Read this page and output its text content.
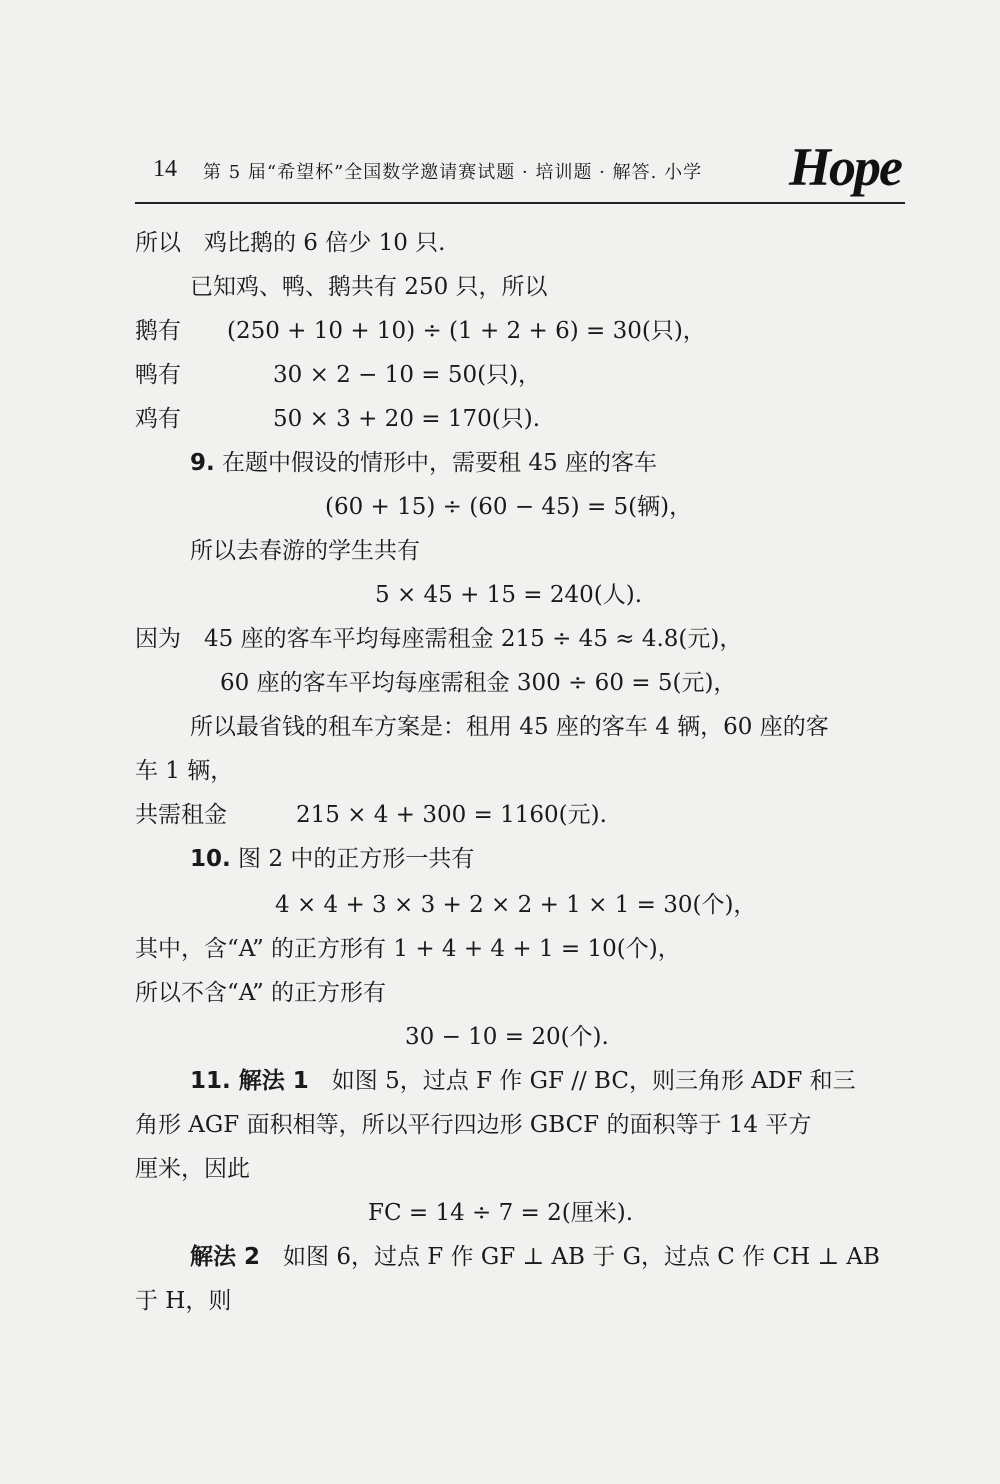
14 第 5 届“希望杯”全国数学邀请赛试题 · 培训题 · 解答. 小学 Hope
所以　鸡比鹅的 6 倍少 10 只.
已知鸡、鸭、鹅共有 250 只，所以
鹅有　　(250 + 10 + 10) ÷ (1 + 2 + 6) = 30(只)，
鸭有　　　　30 × 2 − 10 = 50(只)，
鸡有　　　　50 × 3 + 20 = 170(只).
9. 在题中假设的情形中，需要租 45 座的客车
(60 + 15) ÷ (60 − 45) = 5(辆)，
所以去春游的学生共有
5 × 45 + 15 = 240(人).
因为　45 座的客车平均每座需租金 215 ÷ 45 ≈ 4.8(元)，
60 座的客车平均每座需租金 300 ÷ 60 = 5(元)，
所以最省钱的租车方案是：租用 45 座的客车 4 辆，60 座的客
车 1 辆，
共需租金　　　215 × 4 + 300 = 1160(元).
10. 图 2 中的正方形一共有
4 × 4 + 3 × 3 + 2 × 2 + 1 × 1 = 30(个)，
其中，含“A” 的正方形有 1 + 4 + 4 + 1 = 10(个)，
所以不含“A” 的正方形有
30 − 10 = 20(个).
11. 解法 1　如图 5，过点 F 作 GF // BC，则三角形 ADF 和三
角形 AGF 面积相等，所以平行四边形 GBCF 的面积等于 14 平方
厘米，因此
FC = 14 ÷ 7 = 2(厘米).
解法 2　如图 6，过点 F 作 GF ⊥ AB 于 G，过点 C 作 CH ⊥ AB
于 H，则
